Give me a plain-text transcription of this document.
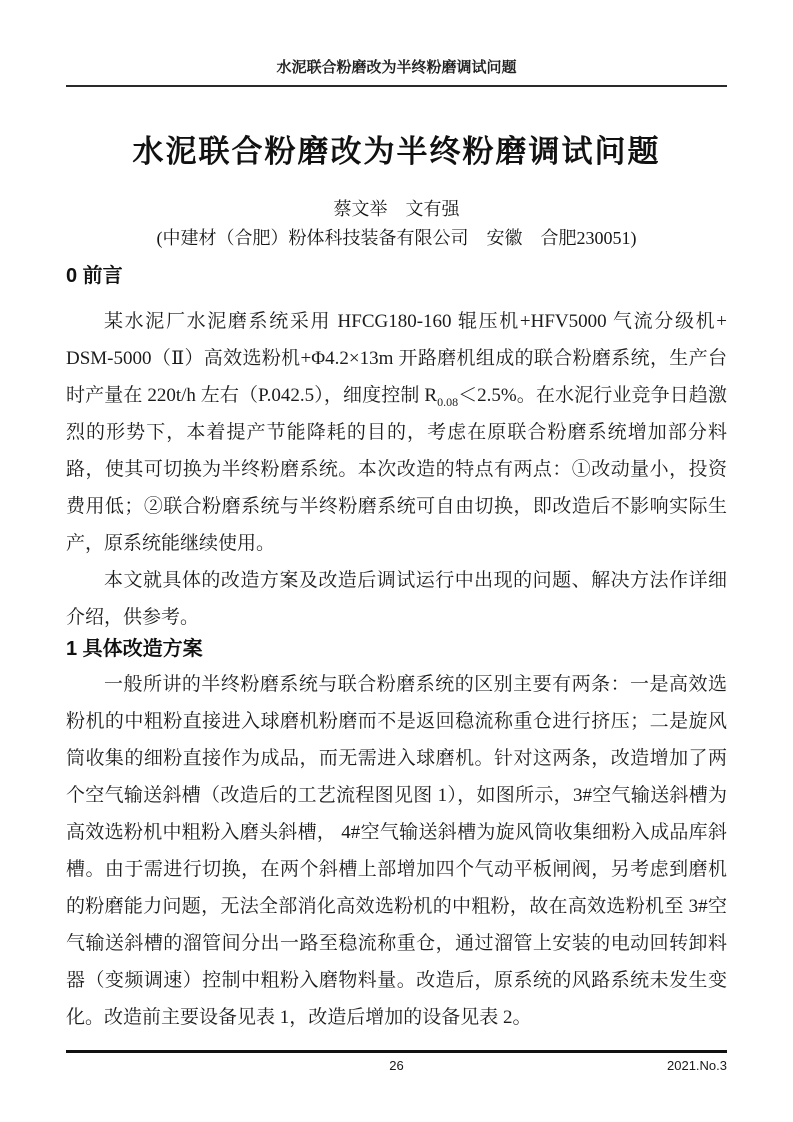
水泥联合粉磨改为半终粉磨调试问题
水泥联合粉磨改为半终粉磨调试问题
蔡文举　文有强
(中建材（合肥）粉体科技装备有限公司　安徽　合肥230051)
0 前言

某水泥厂水泥磨系统采用 HFCG180-160 辊压机+HFV5000 气流分级机+ DSM-5000（Ⅱ）高效选粉机+Φ4.2×13m 开路磨机组成的联合粉磨系统，生产台时产量在 220t/h 左右（P.042.5），细度控制 $R_{0.08}<2.5\%$。在水泥行业竞争日趋激烈的形势下，本着提产节能降耗的目的，考虑在原联合粉磨系统增加部分料路，使其可切换为半终粉磨系统。本次改造的特点有两点：①改动量小，投资费用低；②联合粉磨系统与半终粉磨系统可自由切换，即改造后不影响实际生产，原系统能继续使用。

本文就具体的改造方案及改造后调试运行中出现的问题、解决方法作详细介绍，供参考。

1 具体改造方案

一般所讲的半终粉磨系统与联合粉磨系统的区别主要有两条：一是高效选粉机的中粗粉直接进入球磨机粉磨而不是返回稳流称重仓进行挤压；二是旋风筒收集的细粉直接作为成品，而无需进入球磨机。针对这两条，改造增加了两个空气输送斜槽（改造后的工艺流程图见图 1），如图所示，3#空气输送斜槽为高效选粉机中粗粉入磨头斜槽， 4#空气输送斜槽为旋风筒收集细粉入成品库斜槽。由于需进行切换，在两个斜槽上部增加四个气动平板闸阀，另考虑到磨机的粉磨能力问题，无法全部消化高效选粉机的中粗粉，故在高效选粉机至 3#空气输送斜槽的溜管间分出一路至稳流称重仓，通过溜管上安装的电动回转卸料器（变频调速）控制中粗粉入磨物料量。改造后，原系统的风路系统未发生变化。改造前主要设备见表 1，改造后增加的设备见表 2。

26	2021.No.3
